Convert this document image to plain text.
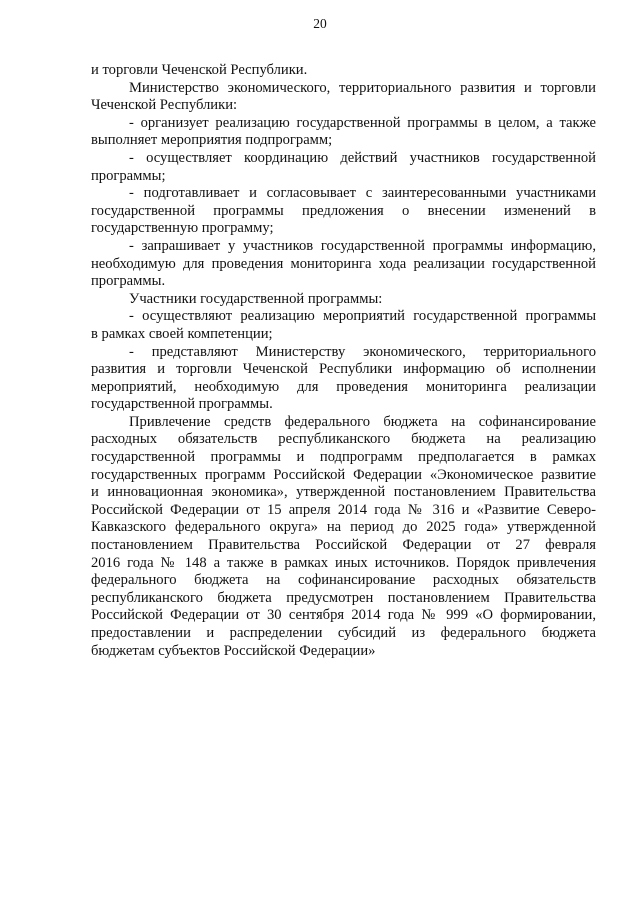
20
и торговли Чеченской Республики.
Министерство экономического, территориального развития и торговли
Чеченской Республики:
- организует реализацию государственной программы в целом, а также
выполняет мероприятия подпрограмм;
- осуществляет координацию действий участников государственной
программы;
- подготавливает и согласовывает с заинтересованными участниками
государственной программы предложения о внесении изменений в
государственную программу;
- запрашивает у участников государственной программы информацию,
необходимую для проведения мониторинга хода реализации государственной
программы.
Участники государственной программы:
- осуществляют реализацию мероприятий государственной программы
в рамках своей компетенции;
- представляют Министерству экономического, территориального
развития и торговли Чеченской Республики информацию об исполнении
мероприятий, необходимую для проведения мониторинга реализации
государственной программы.
Привлечение средств федерального бюджета на софинансирование
расходных обязательств республиканского бюджета на реализацию
государственной программы и подпрограмм предполагается в рамках
государственных программ Российской Федерации «Экономическое развитие
и инновационная экономика», утвержденной постановлением Правительства
Российской Федерации от 15 апреля 2014 года № 316 и «Развитие Северо-
Кавказского федерального округа» на период до 2025 года» утвержденной
постановлением Правительства Российской Федерации от 27 февраля
2016 года № 148 а также в рамках иных источников. Порядок привлечения
федерального бюджета на софинансирование расходных обязательств
республиканского бюджета предусмотрен постановлением Правительства
Российской Федерации от 30 сентября 2014 года № 999 «О формировании,
предоставлении и распределении субсидий из федерального бюджета
бюджетам субъектов Российской Федерации»
